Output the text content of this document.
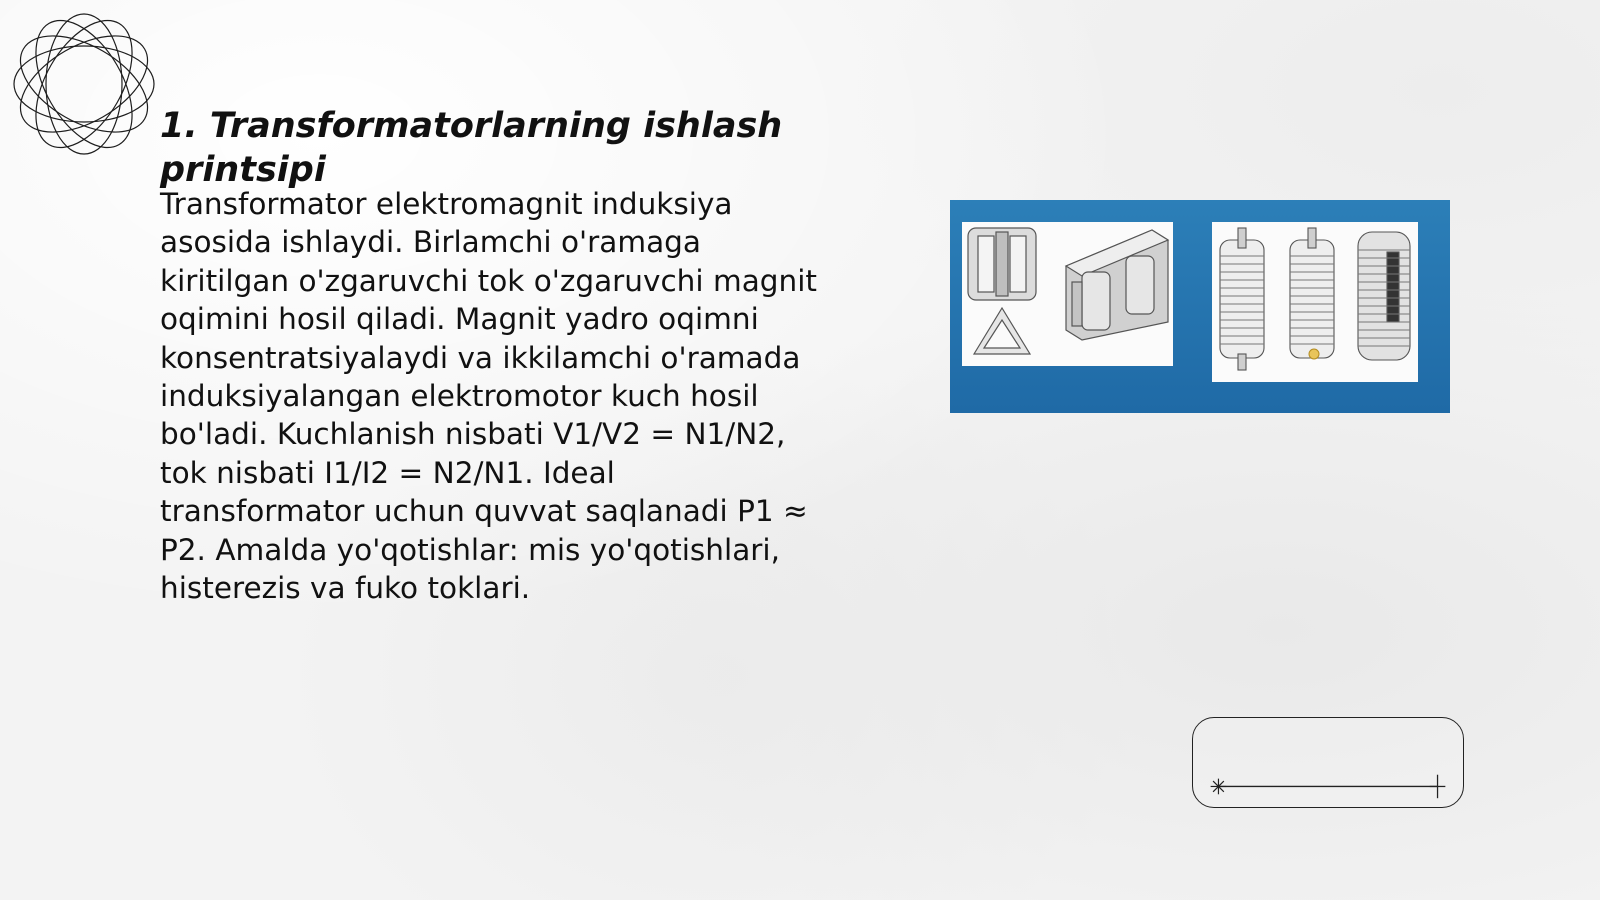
1. Transformatorlarning ishlash printsipi

Transformator elektromagnit induksiya asosida ishlaydi. Birlamchi o'ramaga kiritilgan o'zgaruvchi tok o'zgaruvchi magnit oqimini hosil qiladi. Magnit yadro oqimni konsentratsiyalaydi va ikkilamchi o'ramada induksiyalangan elektromotor kuch hosil bo'ladi. Kuchlanish nisbati V1/V2 = N1/N2, tok nisbati I1/I2 = N2/N1. Ideal transformator uchun quvvat saqlanadi P1 ≈ P2. Amalda yo'qotishlar: mis yo'qotishlari, histerezis va fuko toklari.
